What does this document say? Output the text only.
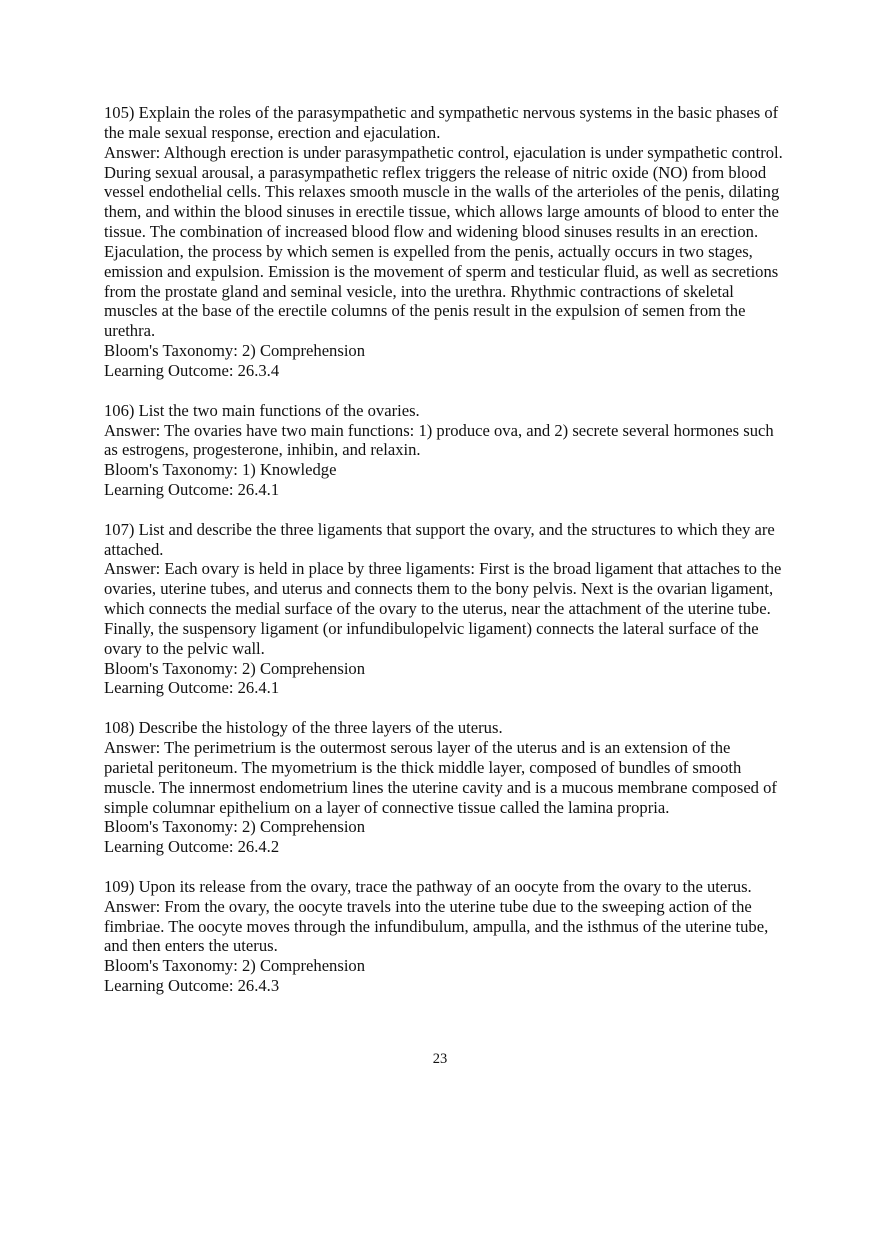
105) Explain the roles of the parasympathetic and sympathetic nervous systems in the basic phases of the male sexual response, erection and ejaculation.
Answer: Although erection is under parasympathetic control, ejaculation is under sympathetic control. During sexual arousal, a parasympathetic reflex triggers the release of nitric oxide (NO) from blood vessel endothelial cells. This relaxes smooth muscle in the walls of the arterioles of the penis, dilating them, and within the blood sinuses in erectile tissue, which allows large amounts of blood to enter the tissue. The combination of increased blood flow and widening blood sinuses results in an erection. Ejaculation, the process by which semen is expelled from the penis, actually occurs in two stages, emission and expulsion. Emission is the movement of sperm and testicular fluid, as well as secretions from the prostate gland and seminal vesicle, into the urethra. Rhythmic contractions of skeletal muscles at the base of the erectile columns of the penis result in the expulsion of semen from the urethra.
Bloom's Taxonomy: 2) Comprehension
Learning Outcome: 26.3.4
106) List the two main functions of the ovaries.
Answer: The ovaries have two main functions: 1) produce ova, and 2) secrete several hormones such as estrogens, progesterone, inhibin, and relaxin.
Bloom's Taxonomy: 1) Knowledge
Learning Outcome: 26.4.1
107) List and describe the three ligaments that support the ovary, and the structures to which they are attached.
Answer: Each ovary is held in place by three ligaments: First is the broad ligament that attaches to the ovaries, uterine tubes, and uterus and connects them to the bony pelvis. Next is the ovarian ligament, which connects the medial surface of the ovary to the uterus, near the attachment of the uterine tube. Finally, the suspensory ligament (or infundibulopelvic ligament) connects the lateral surface of the ovary to the pelvic wall.
Bloom's Taxonomy: 2) Comprehension
Learning Outcome: 26.4.1
108) Describe the histology of the three layers of the uterus.
Answer: The perimetrium is the outermost serous layer of the uterus and is an extension of the parietal peritoneum. The myometrium is the thick middle layer, composed of bundles of smooth muscle. The innermost endometrium lines the uterine cavity and is a mucous membrane composed of simple columnar epithelium on a layer of connective tissue called the lamina propria.
Bloom's Taxonomy: 2) Comprehension
Learning Outcome: 26.4.2
109) Upon its release from the ovary, trace the pathway of an oocyte from the ovary to the uterus.
Answer: From the ovary, the oocyte travels into the uterine tube due to the sweeping action of the fimbriae. The oocyte moves through the infundibulum, ampulla, and the isthmus of the uterine tube, and then enters the uterus.
Bloom's Taxonomy: 2) Comprehension
Learning Outcome: 26.4.3
23
